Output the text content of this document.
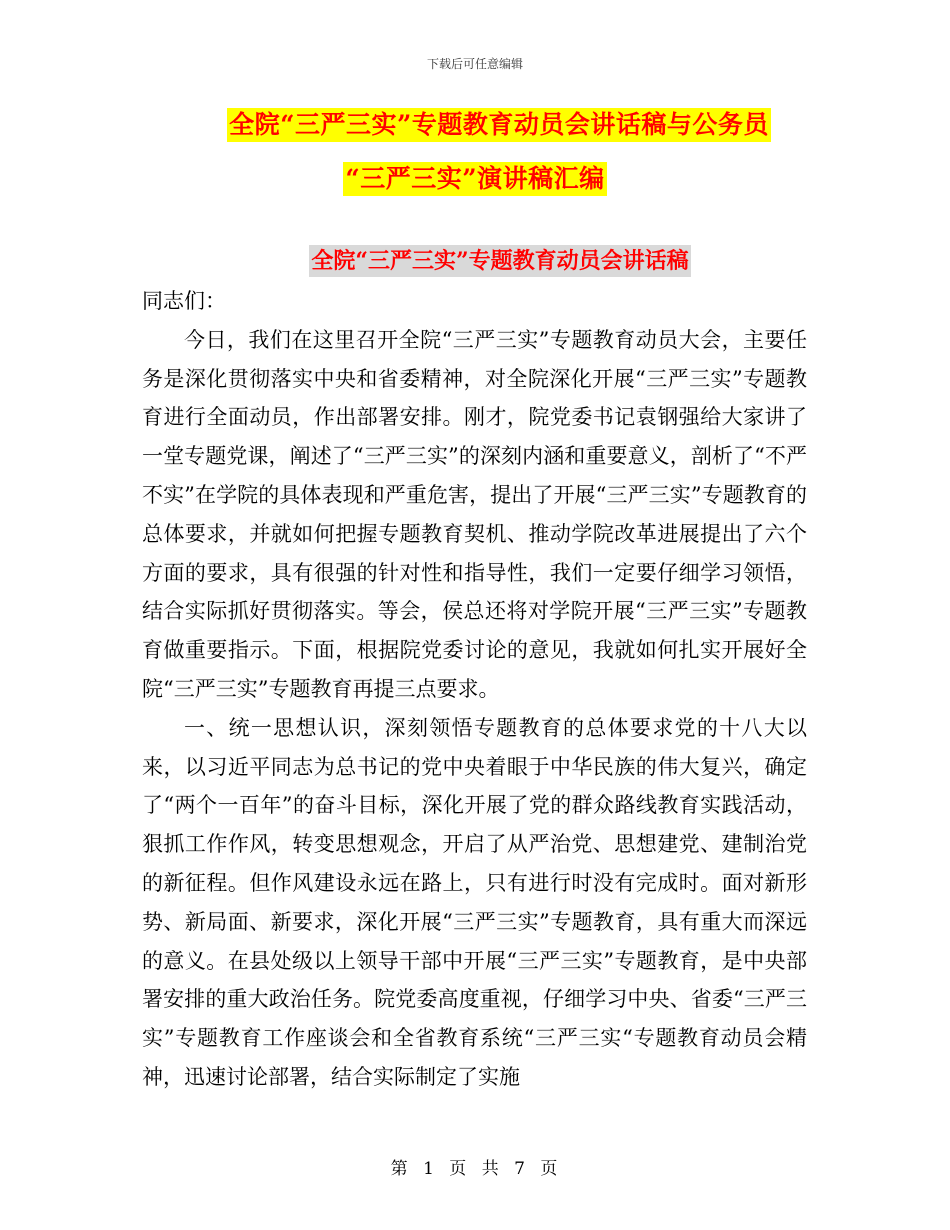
下载后可任意编辑
全院“三严三实”专题教育动员会讲话稿与公务员
“三严三实”演讲稿汇编
全院“三严三实”专题教育动员会讲话稿

同志们：

今日，我们在这里召开全院“三严三实”专题教育动员大会，主要任务是深化贯彻落实中央和省委精神，对全院深化开展“三严三实”专题教育进行全面动员，作出部署安排。刚才，院党委书记袁钢强给大家讲了一堂专题党课，阐述了“三严三实”的深刻内涵和重要意义，剖析了“不严不实”在学院的具体表现和严重危害，提出了开展“三严三实”专题教育的总体要求，并就如何把握专题教育契机、推动学院改革进展提出了六个方面的要求，具有很强的针对性和指导性，我们一定要仔细学习领悟，结合实际抓好贯彻落实。等会，侯总还将对学院开展“三严三实”专题教育做重要指示。下面，根据院党委讨论的意见，我就如何扎实开展好全院“三严三实”专题教育再提三点要求。

一、统一思想认识，深刻领悟专题教育的总体要求党的十八大以来，以习近平同志为总书记的党中央着眼于中华民族的伟大复兴，确定了“两个一百年”的奋斗目标，深化开展了党的群众路线教育实践活动，狠抓工作作风，转变思想观念，开启了从严治党、思想建党、建制治党的新征程。但作风建设永远在路上，只有进行时没有完成时。面对新形势、新局面、新要求，深化开展“三严三实”专题教育，具有重大而深远的意义。在县处级以上领导干部中开展“三严三实”专题教育，是中央部署安排的重大政治任务。院党委高度重视，仔细学习中央、省委“三严三实”专题教育工作座谈会和全省教育系统“三严三实“专题教育动员会精神，迅速讨论部署，结合实际制定了实施

第 1 页 共 7 页
